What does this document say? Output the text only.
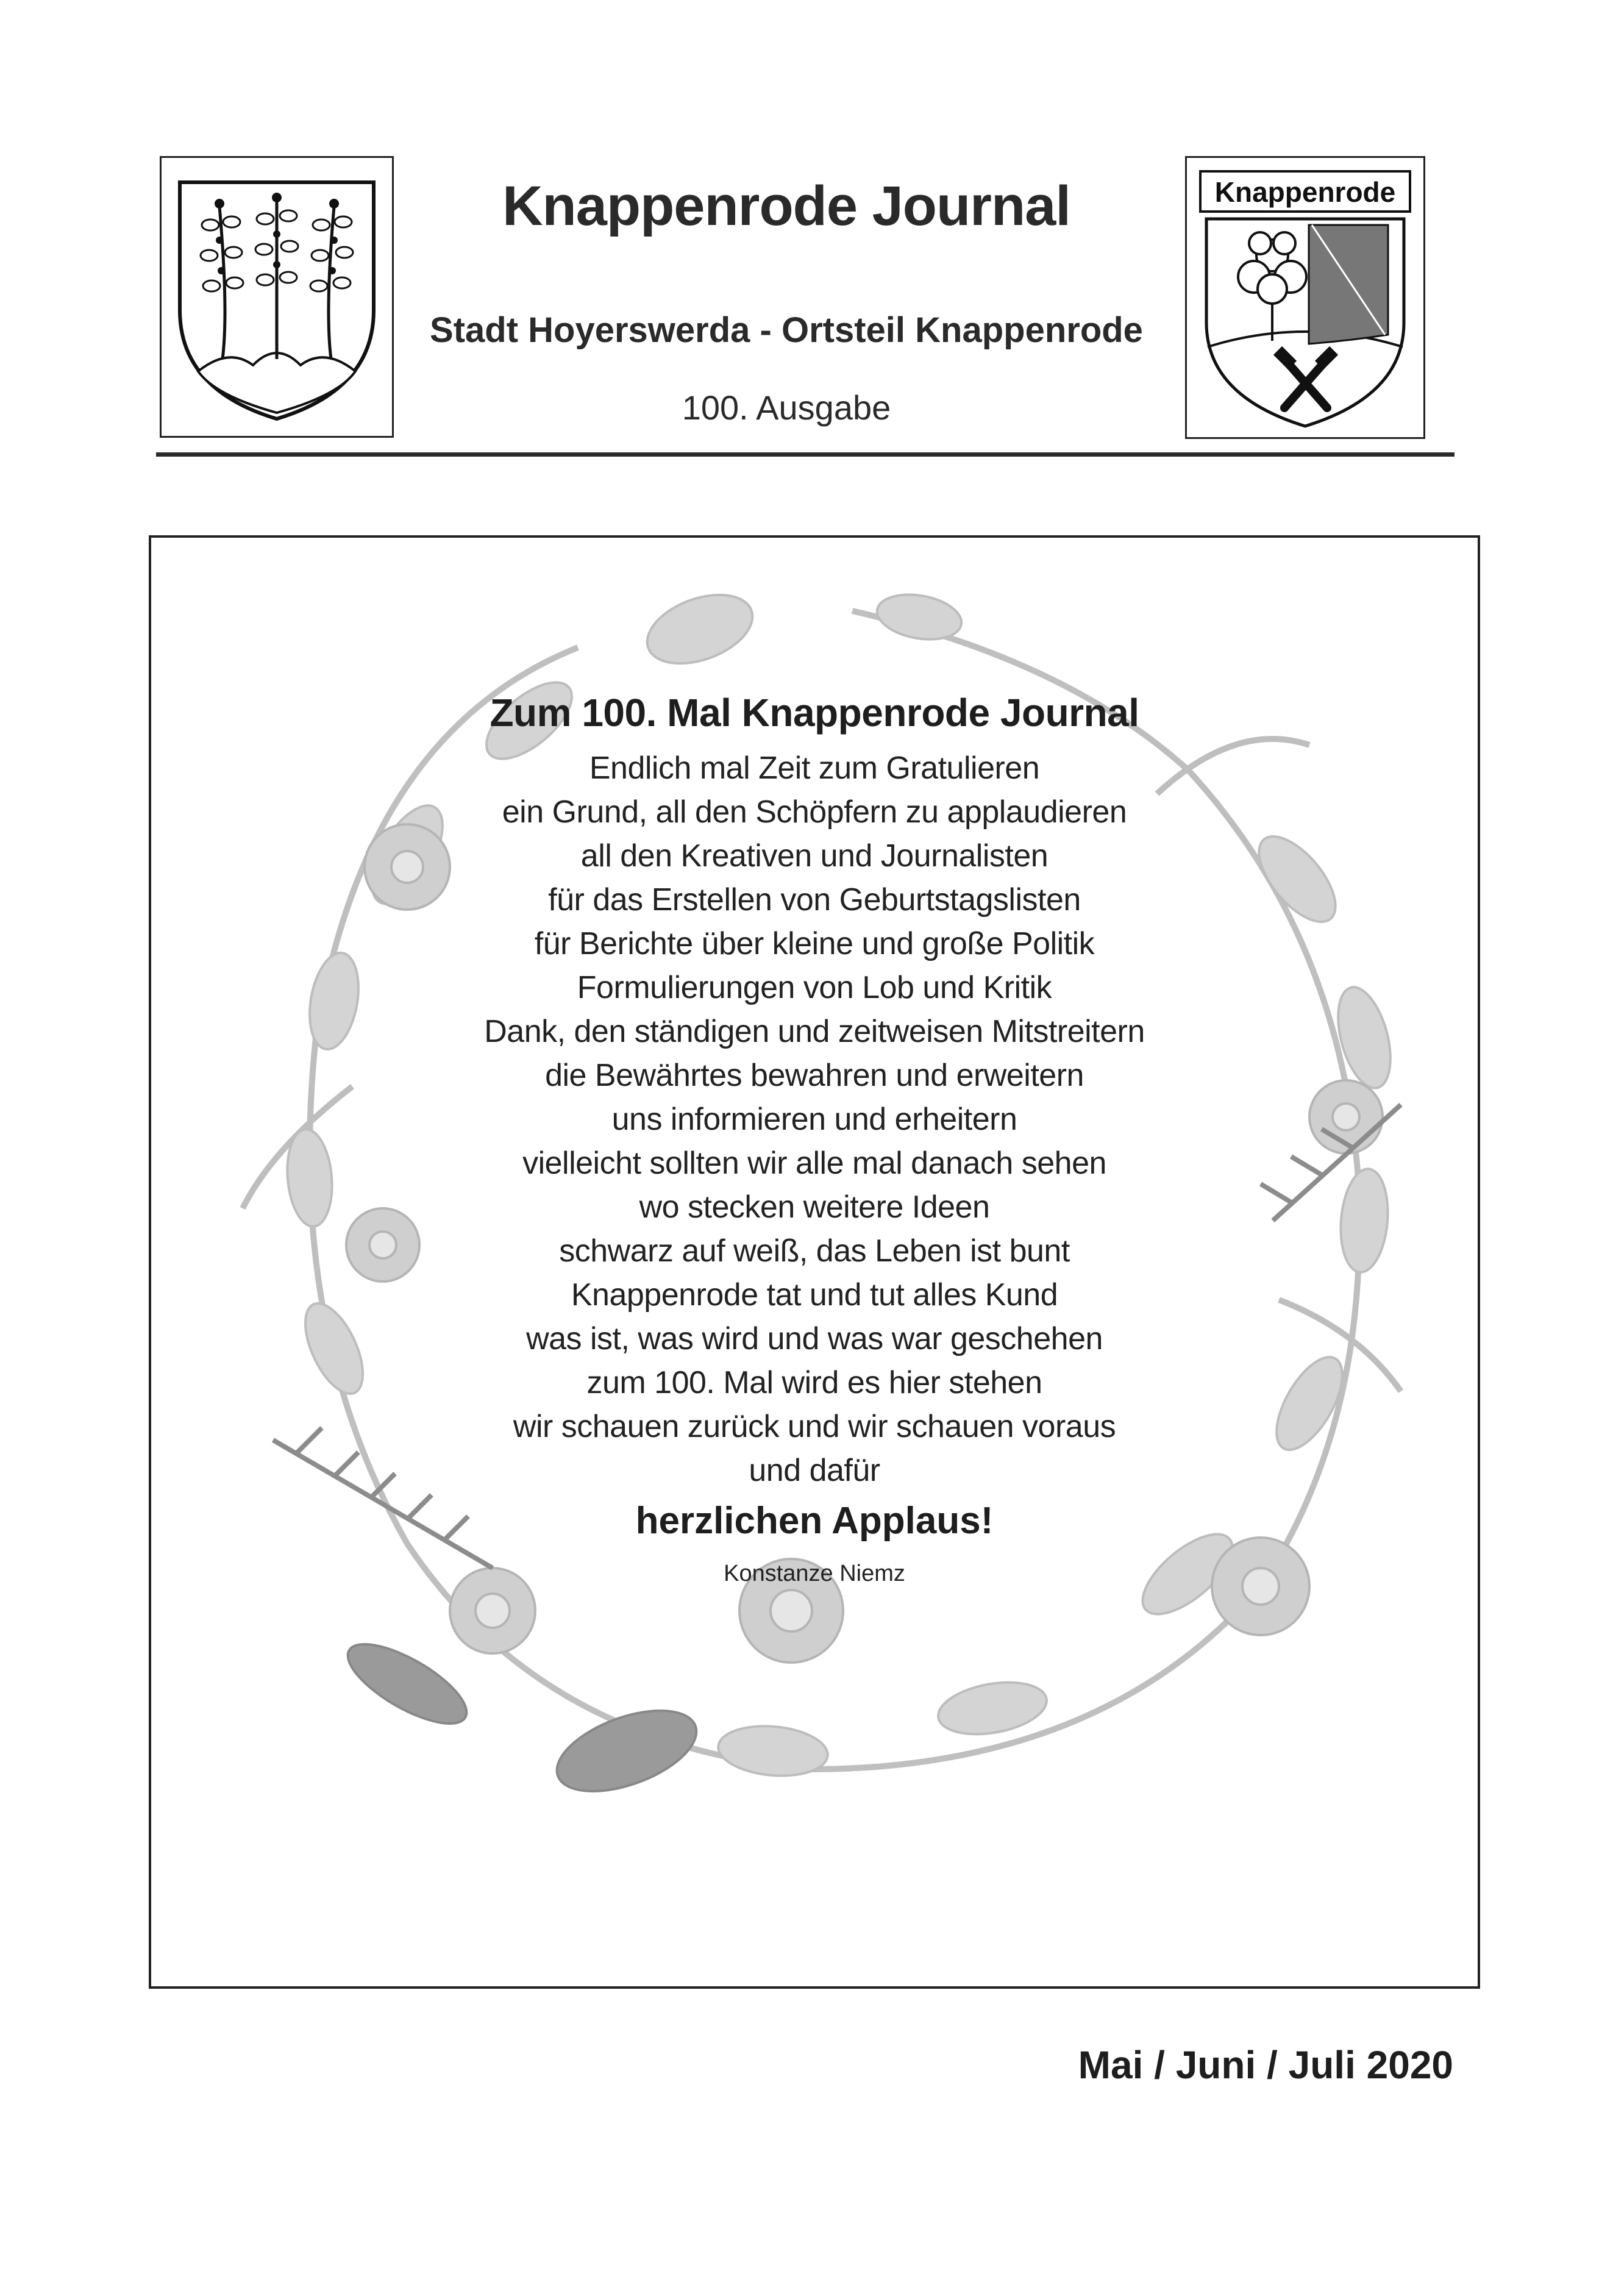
Knappenrode Journal
Stadt Hoyerswerda - Ortsteil Knappenrode
100. Ausgabe
Knappenrode
Zum 100. Mal Knappenrode Journal
Endlich mal Zeit zum Gratulieren
ein Grund, all den Schöpfern zu applaudieren
all den Kreativen und Journalisten
für das Erstellen von Geburtstagslisten
für Berichte über kleine und große Politik
Formulierungen von Lob und Kritik
Dank, den ständigen und zeitweisen Mitstreitern
die Bewährtes bewahren und erweitern
uns informieren und erheitern
vielleicht sollten wir alle mal danach sehen
wo stecken weitere Ideen
schwarz auf weiß, das Leben ist bunt
Knappenrode tat und tut alles Kund
was ist, was wird und was war geschehen
zum 100. Mal wird es hier stehen
wir schauen zurück und wir schauen voraus
und dafür
herzlichen Applaus!
Konstanze Niemz
Mai / Juni / Juli 2020
